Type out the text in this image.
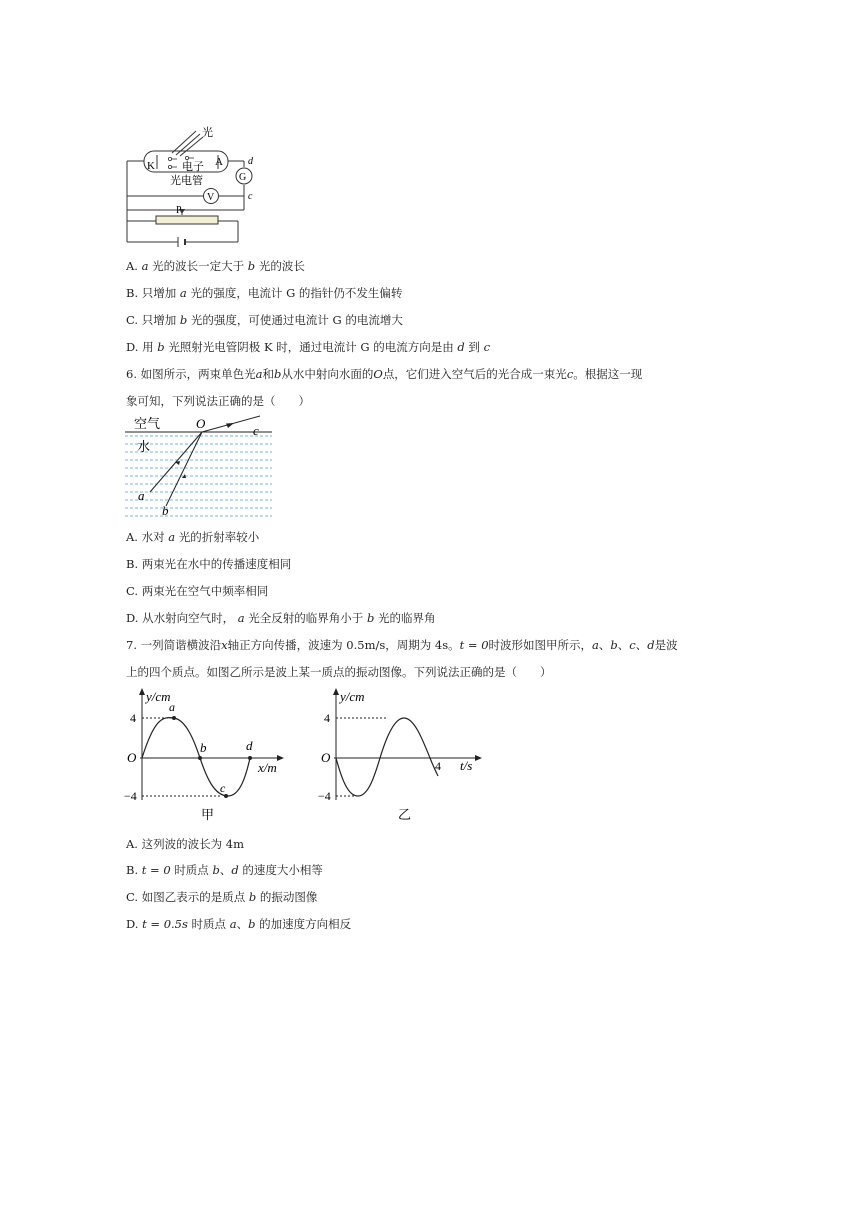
光
K	A
电子
光电管	G
V
P
d
c
A. a 光的波长一定大于 b 光的波长
B. 只增加 a 光的强度，电流计 G 的指针仍不发生偏转
C. 只增加 b 光的强度，可使通过电流计 G 的电流增大
D. 用 b 光照射光电管阴极 K 时，通过电流计 G 的电流方向是由 d 到 c
6. 如图所示，两束单色光a和b从水中射向水面的O点，它们进入空气后的光合成一束光c。根据这一现
象可知，下列说法正确的是（　　）
空气
水
O
a
b
c
A. 水对 a 光的折射率较小
B. 两束光在水中的传播速度相同
C. 两束光在空气中频率相同
D. 从水射向空气时， a 光全反射的临界角小于 b 光的临界角
7. 一列简谐横波沿x轴正方向传播，波速为 0.5m/s，周期为 4s。t = 0时波形如图甲所示，a、b、c、d是波
上的四个质点。如图乙所示是波上某一质点的振动图像。下列说法正确的是（　　）
y/cm
x/m
4
−4
O
a
b
c
d
甲
y/cm
t/s
4
−4
O
4
乙
A. 这列波的波长为 4m
B. t = 0 时质点 b、d 的速度大小相等
C. 如图乙表示的是质点 b 的振动图像
D. t = 0.5s 时质点 a、b 的加速度方向相反
